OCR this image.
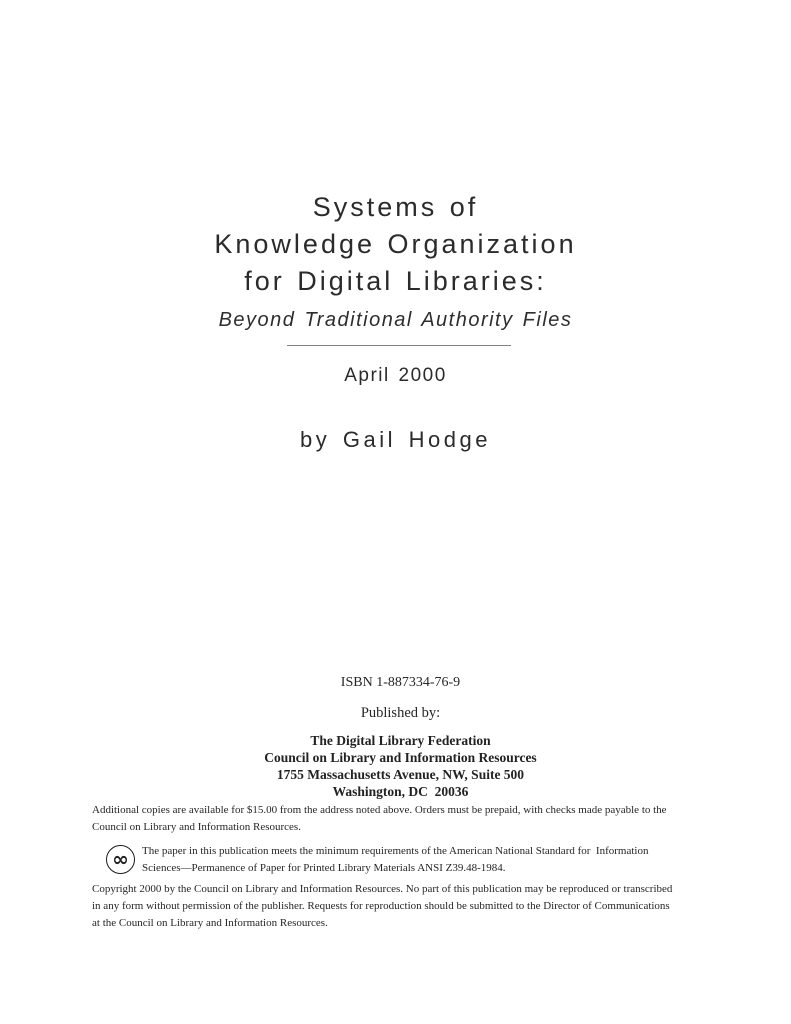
Systems of
Knowledge Organization
for Digital Libraries:
Beyond Traditional Authority Files
April 2000
by Gail Hodge
ISBN 1-887334-76-9
Published by:
The Digital Library Federation
Council on Library and Information Resources
1755 Massachusetts Avenue, NW, Suite 500
Washington, DC  20036
Additional copies are available for $15.00 from the address noted above. Orders must be prepaid, with checks made payable to the
Council on Library and Information Resources.
∞ The paper in this publication meets the minimum requirements of the American National Standard for  Information
Sciences—Permanence of Paper for Printed Library Materials ANSI Z39.48-1984.
Copyright 2000 by the Council on Library and Information Resources. No part of this publication may be reproduced or transcribed
in any form without permission of the publisher. Requests for reproduction should be submitted to the Director of Communications
at the Council on Library and Information Resources.
